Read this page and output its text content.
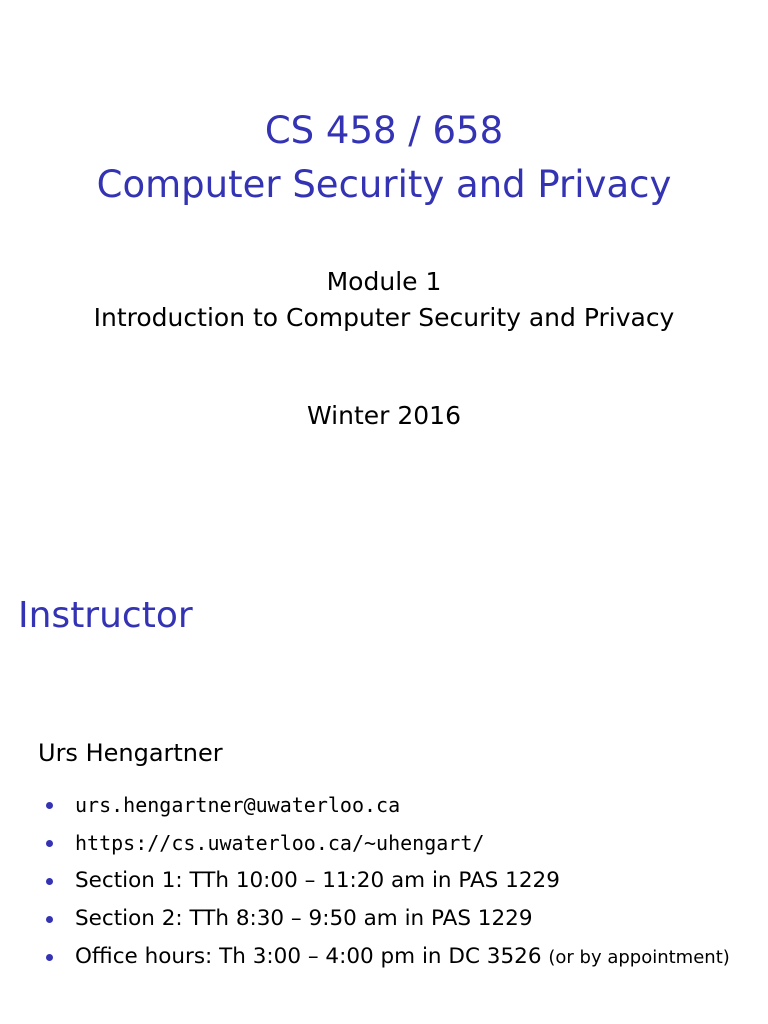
CS 458 / 658
Computer Security and Privacy
Module 1
Introduction to Computer Security and Privacy
Winter 2016
Instructor
Urs Hengartner
urs.hengartner@uwaterloo.ca
https://cs.uwaterloo.ca/~uhengart/
Section 1: TTh 10:00 – 11:20 am in PAS 1229
Section 2: TTh 8:30 – 9:50 am in PAS 1229
Office hours: Th 3:00 – 4:00 pm in DC 3526 (or by appointment)
